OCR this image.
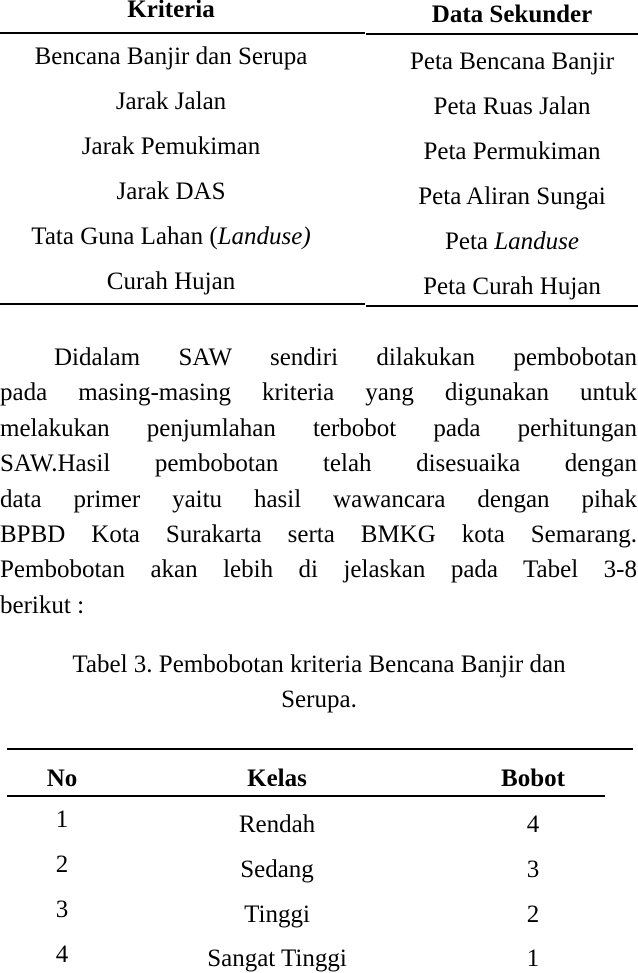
Kriteria	Data Sekunder
Bencana Banjir dan Serupa	Peta Bencana Banjir
Jarak Jalan	Peta Ruas Jalan
Jarak Pemukiman	Peta Permukiman
Jarak DAS	Peta Aliran Sungai
Tata Guna Lahan (Landuse)	Peta Landuse
Curah Hujan	Peta Curah Hujan
Didalam SAW sendiri dilakukan pembobotan
pada masing-masing kriteria yang digunakan untuk
melakukan penjumlahan terbobot pada perhitungan
SAW.Hasil pembobotan telah disesuaika dengan
data primer yaitu hasil wawancara dengan pihak
BPBD Kota Surakarta serta BMKG kota Semarang.
Pembobotan akan lebih di jelaskan pada Tabel 3-8
berikut :
Tabel 3. Pembobotan kriteria Bencana Banjir dan
Serupa.
No	Kelas	Bobot
1	Rendah	4
2	Sedang	3
3	Tinggi	2
4	Sangat Tinggi	1
